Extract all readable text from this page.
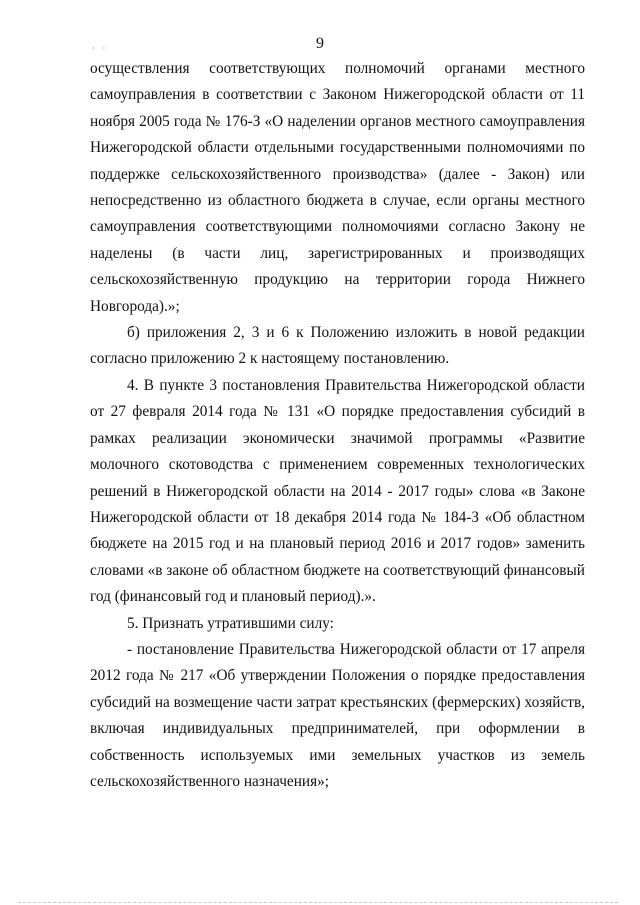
· ·	9

осуществления соответствующих полномочий органами местного самоуправления в соответствии с Законом Нижегородской области от 11 ноября 2005 года № 176-З «О наделении органов местного самоуправления Нижегородской области отдельными государственными полномочиями по поддержке сельскохозяйственного производства» (далее - Закон) или непосредственно из областного бюджета в случае, если органы местного самоуправления соответствующими полномочиями согласно Закону не наделены (в части лиц, зарегистрированных и производящих сельскохозяйственную продукцию на территории города Нижнего Новгорода).»;

б) приложения 2, 3 и 6 к Положению изложить в новой редакции согласно приложению 2 к настоящему постановлению.

4. В пункте 3 постановления Правительства Нижегородской области от 27 февраля 2014 года № 131 «О порядке предоставления субсидий в рамках реализации экономически значимой программы «Развитие молочного скотоводства с применением современных технологических решений в Нижегородской области на 2014 - 2017 годы» слова «в Законе Нижегородской области от 18 декабря 2014 года № 184-З «Об областном бюджете на 2015 год и на плановый период 2016 и 2017 годов» заменить словами «в законе об областном бюджете на соответствующий финансовый год (финансовый год и плановый период).».

5. Признать утратившими силу:

- постановление Правительства Нижегородской области от 17 апреля 2012 года № 217 «Об утверждении Положения о порядке предоставления субсидий на возмещение части затрат крестьянских (фермерских) хозяйств, включая индивидуальных предпринимателей, при оформлении в собственность используемых ими земельных участков из земель сельскохозяйственного назначения»;
